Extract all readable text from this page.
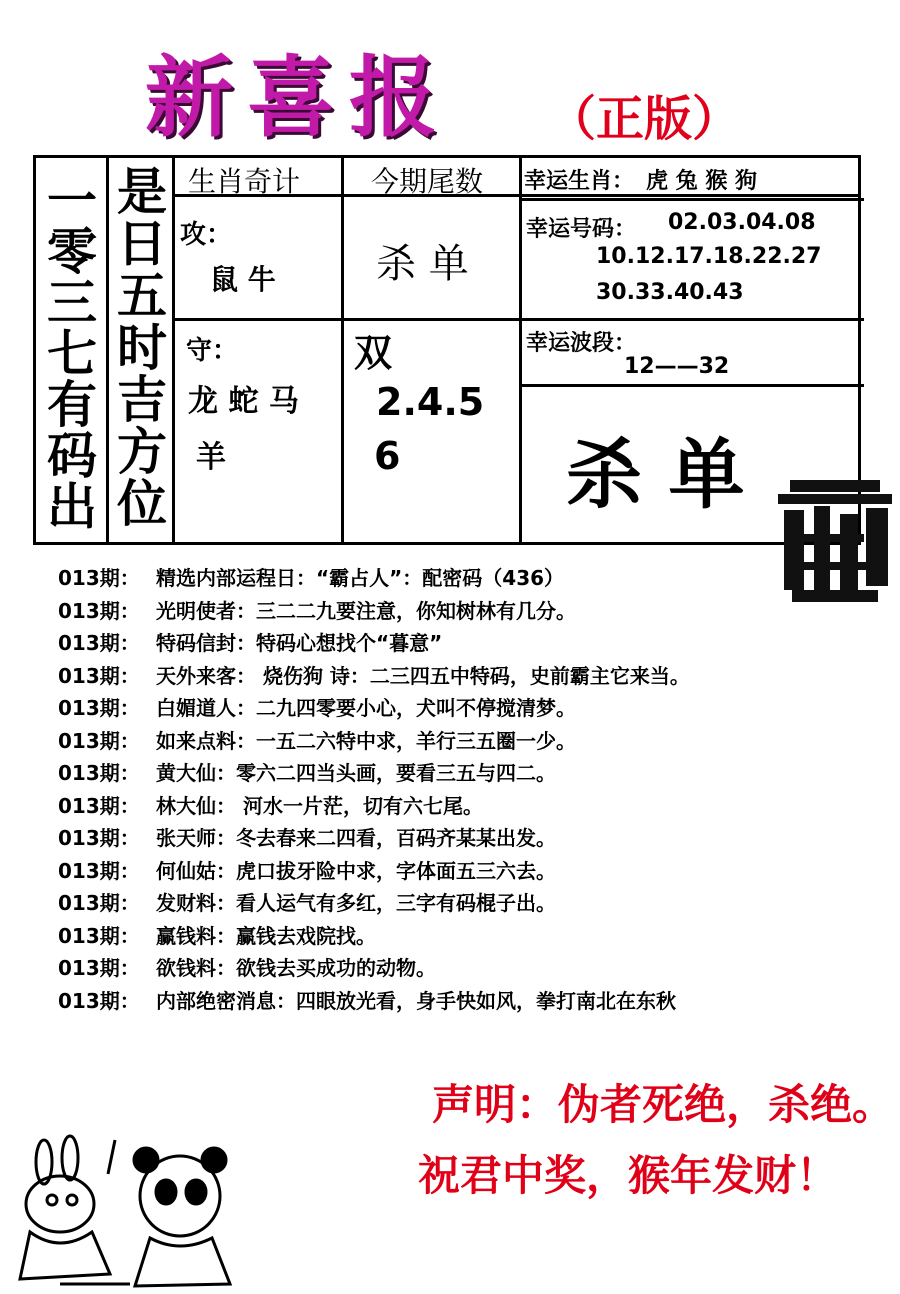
新喜报 （正版）
一零三七有码出
是日五时吉方位
生肖奇计	今期尾数
攻：
鼠 牛
守：
龙 蛇 马
羊
杀 单
双
2.4.5
6
幸运生肖： 虎 兔 猴 狗
幸运号码： 02.03.04.08
10.12.17.18.22.27
30.33.40.43
幸运波段：
12——32
杀 单
013期： 精选内部运程日：“霸占人”：配密码（436）
013期： 光明使者：三二二九要注意，你知树林有几分。
013期： 特码信封：特码心想找个“暮意”
013期： 天外来客： 烧伤狗 诗：二三四五中特码，史前霸主它来当。
013期： 白媚道人：二九四零要小心，犬叫不停搅清梦。
013期： 如来点料：一五二六特中求，羊行三五圈一少。
013期： 黄大仙：零六二四当头画，要看三五与四二。
013期： 林大仙： 河水一片茫，切有六七尾。
013期： 张天师：冬去春来二四看，百码齐某某出发。
013期： 何仙姑：虎口拔牙险中求，字体面五三六去。
013期： 发财料：看人运气有多红，三字有码棍子出。
013期： 赢钱料：赢钱去戏院找。
013期： 欲钱料：欲钱去买成功的动物。
013期： 内部绝密消息：四眼放光看，身手快如风，拳打南北在东秋
声明：伪者死绝，杀绝。
祝君中奖，猴年发财！
